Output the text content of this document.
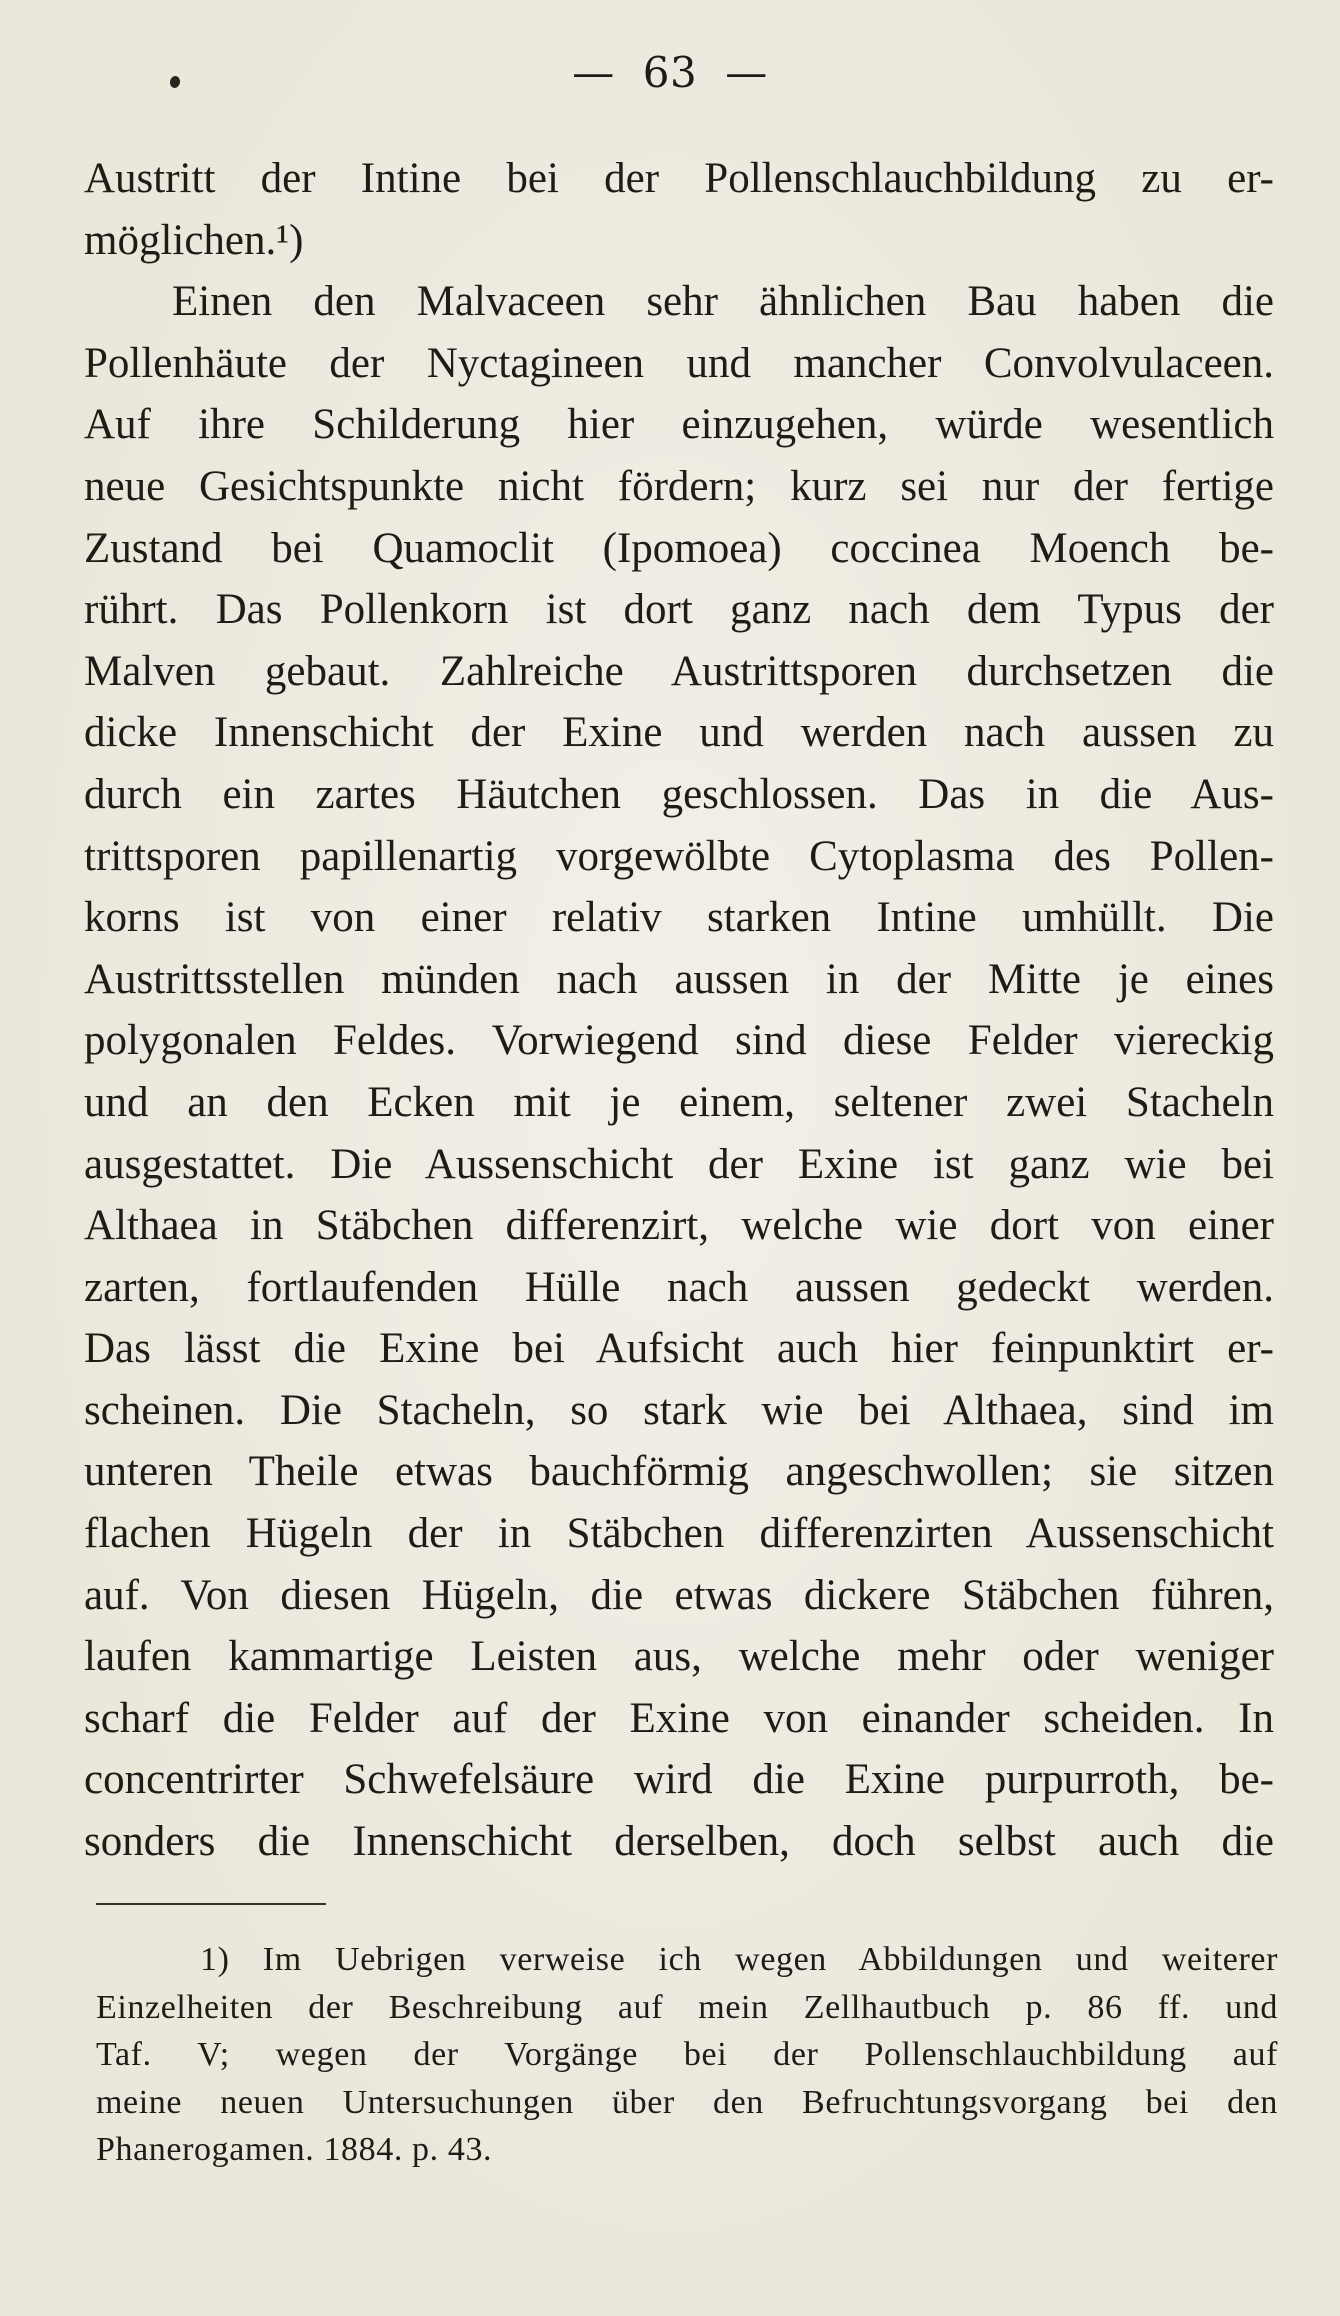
— 63 —
Austritt der Intine bei der Pollenschlauchbildung zu er-
möglichen.¹)
Einen den Malvaceen sehr ähnlichen Bau haben die
Pollenhäute der Nyctagineen und mancher Convolvulaceen.
Auf ihre Schilderung hier einzugehen, würde wesentlich
neue Gesichtspunkte nicht fördern; kurz sei nur der fertige
Zustand bei Quamoclit (Ipomoea) coccinea Moench be-
rührt. Das Pollenkorn ist dort ganz nach dem Typus der
Malven gebaut. Zahlreiche Austrittsporen durchsetzen die
dicke Innenschicht der Exine und werden nach aussen zu
durch ein zartes Häutchen geschlossen. Das in die Aus-
trittsporen papillenartig vorgewölbte Cytoplasma des Pollen-
korns ist von einer relativ starken Intine umhüllt. Die
Austrittsstellen münden nach aussen in der Mitte je eines
polygonalen Feldes. Vorwiegend sind diese Felder viereckig
und an den Ecken mit je einem, seltener zwei Stacheln
ausgestattet. Die Aussenschicht der Exine ist ganz wie bei
Althaea in Stäbchen differenzirt, welche wie dort von einer
zarten, fortlaufenden Hülle nach aussen gedeckt werden.
Das lässt die Exine bei Aufsicht auch hier feinpunktirt er-
scheinen. Die Stacheln, so stark wie bei Althaea, sind im
unteren Theile etwas bauchförmig angeschwollen; sie sitzen
flachen Hügeln der in Stäbchen differenzirten Aussenschicht
auf. Von diesen Hügeln, die etwas dickere Stäbchen führen,
laufen kammartige Leisten aus, welche mehr oder weniger
scharf die Felder auf der Exine von einander scheiden. In
concentrirter Schwefelsäure wird die Exine purpurroth, be-
sonders die Innenschicht derselben, doch selbst auch die
1) Im Uebrigen verweise ich wegen Abbildungen und weiterer
Einzelheiten der Beschreibung auf mein Zellhautbuch p. 86 ff. und
Taf. V; wegen der Vorgänge bei der Pollenschlauchbildung auf
meine neuen Untersuchungen über den Befruchtungsvorgang bei den
Phanerogamen. 1884. p. 43.
